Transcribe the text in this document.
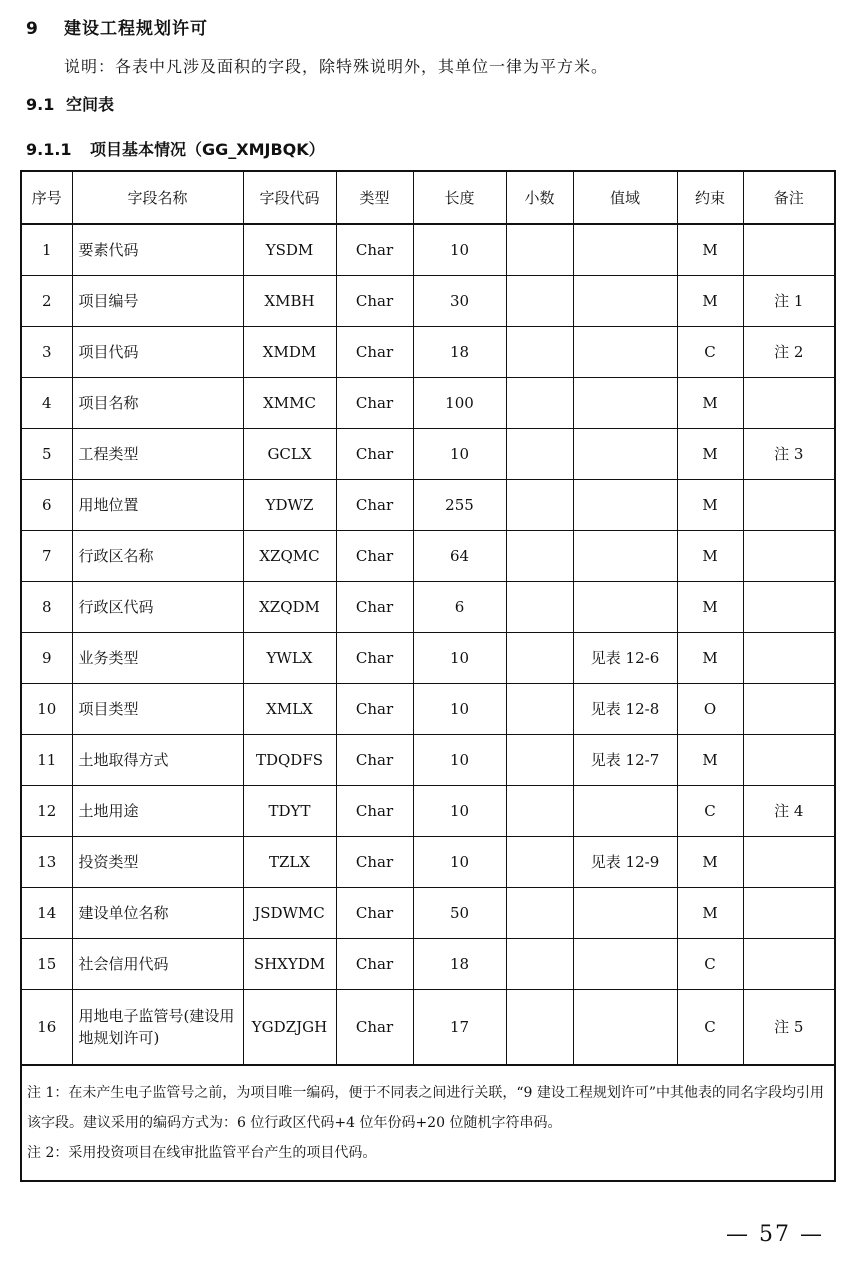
9 建设工程规划许可
说明：各表中凡涉及面积的字段，除特殊说明外，其单位一律为平方米。
9.1 空间表
9.1.1 项目基本情况（GG_XMJBQK）
序号	字段名称	字段代码	类型	长度	小数	值域	约束	备注
1	要素代码	YSDM	Char	10			M	
2	项目编号	XMBH	Char	30			M	注 1
3	项目代码	XMDM	Char	18			C	注 2
4	项目名称	XMMC	Char	100			M	
5	工程类型	GCLX	Char	10			M	注 3
6	用地位置	YDWZ	Char	255			M	
7	行政区名称	XZQMC	Char	64			M	
8	行政区代码	XZQDM	Char	6			M	
9	业务类型	YWLX	Char	10		见表 12-6	M	
10	项目类型	XMLX	Char	10		见表 12-8	O	
11	土地取得方式	TDQDFS	Char	10		见表 12-7	M	
12	土地用途	TDYT	Char	10			C	注 4
13	投资类型	TZLX	Char	10		见表 12-9	M	
14	建设单位名称	JSDWMC	Char	50			M	
15	社会信用代码	SHXYDM	Char	18			C	
16	用地电子监管号(建设用地规划许可)	YGDZJGH	Char	17			C	注 5

注 1：在未产生电子监管号之前，为项目唯一编码，便于不同表之间进行关联，“9 建设工程规划许可”中其他表的同名字段均引用该字段。建议采用的编码方式为：6 位行政区代码+4 位年份码+20 位随机字符串码。
注 2：采用投资项目在线审批监管平台产生的项目代码。								
— 57 —
